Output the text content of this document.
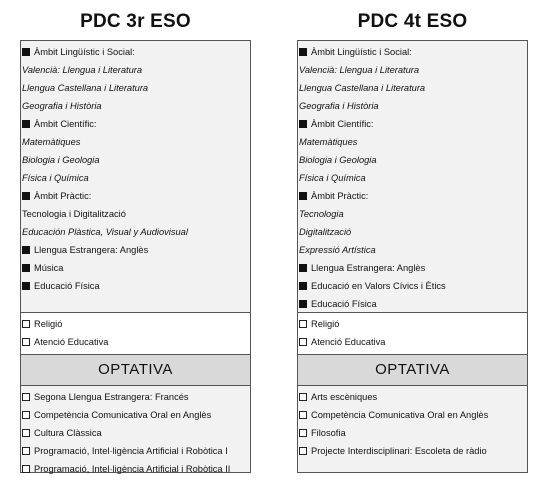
PDC 3r ESO
Àmbit Lingüístic i Social:
Valencià: Llengua i Literatura
Llengua Castellana i Literatura
Geografia i Història
Àmbit Científic:
Matemàtiques
Biologia i Geologia
Física i Química
Àmbit Pràctic:
Tecnologia i Digitalització
Educación Plàstica, Visual y Audiovisual
Llengua Estrangera: Anglès
Música
Educació Física
Religió
Atenció Educativa
OPTATIVA
Segona Llengua Estrangera: Francés
Competència Comunicativa Oral en Anglès
Cultura Clàssica
Programació, Intel·ligència Artificial i Robòtica I
Programació, Intel·ligència Artificial i Robòtica II
PDC 4t ESO
Àmbit Lingüístic i Social:
Valencià: Llengua i Literatura
Llengua Castellana i Literatura
Geografia i Història
Àmbit Científic:
Matemàtiques
Biologia i Geologia
Física i Química
Àmbit Pràctic:
Tecnologia
Digitalització
Expressió Artística
Llengua Estrangera: Anglès
Educació en Valors Cívics i Ètics
Educació Física
Religió
Atenció Educativa
OPTATIVA
Arts escèniques
Competència Comunicativa Oral en Anglès
Filosofia
Projecte Interdisciplinari: Escoleta de ràdio
